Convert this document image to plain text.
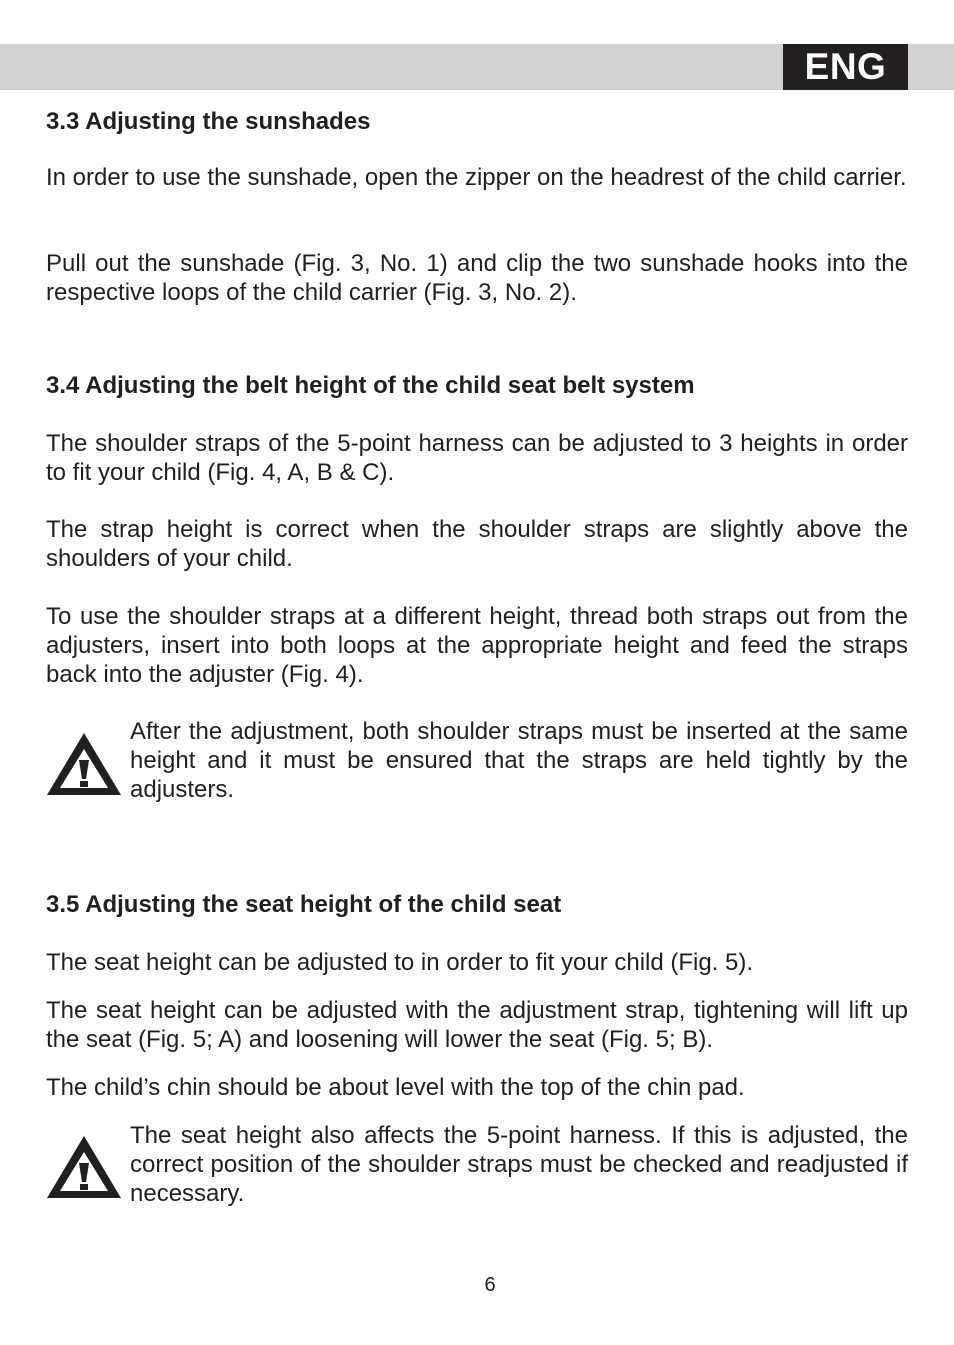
ENG
3.3 Adjusting the sunshades

In order to use the sunshade, open the zipper on the headrest of the child carrier.

Pull out the sunshade (Fig. 3, No. 1) and clip the two sunshade hooks into the respective loops of the child carrier (Fig. 3, No. 2).

3.4 Adjusting the belt height of the child seat belt system

The shoulder straps of the 5-point harness can be adjusted to 3 heights in order to fit your child (Fig. 4, A, B & C).

The strap height is correct when the shoulder straps are slightly above the shoulders of your child.

To use the shoulder straps at a different height, thread both straps out from the adjusters, insert into both loops at the appropriate height and feed the straps back into the adjuster (Fig. 4).

After the adjustment, both shoulder straps must be inserted at the same height and it must be ensured that the straps are held tightly by the adjusters.

3.5 Adjusting the seat height of the child seat

The seat height can be adjusted to in order to fit your child (Fig. 5).

The seat height can be adjusted with the adjustment strap, tightening will lift up the seat (Fig. 5; A) and loosening will lower the seat (Fig. 5; B).

The child’s chin should be about level with the top of the chin pad.

The seat height also affects the 5-point harness. If this is adjusted, the correct position of the shoulder straps must be checked and readjusted if necessary.

6
